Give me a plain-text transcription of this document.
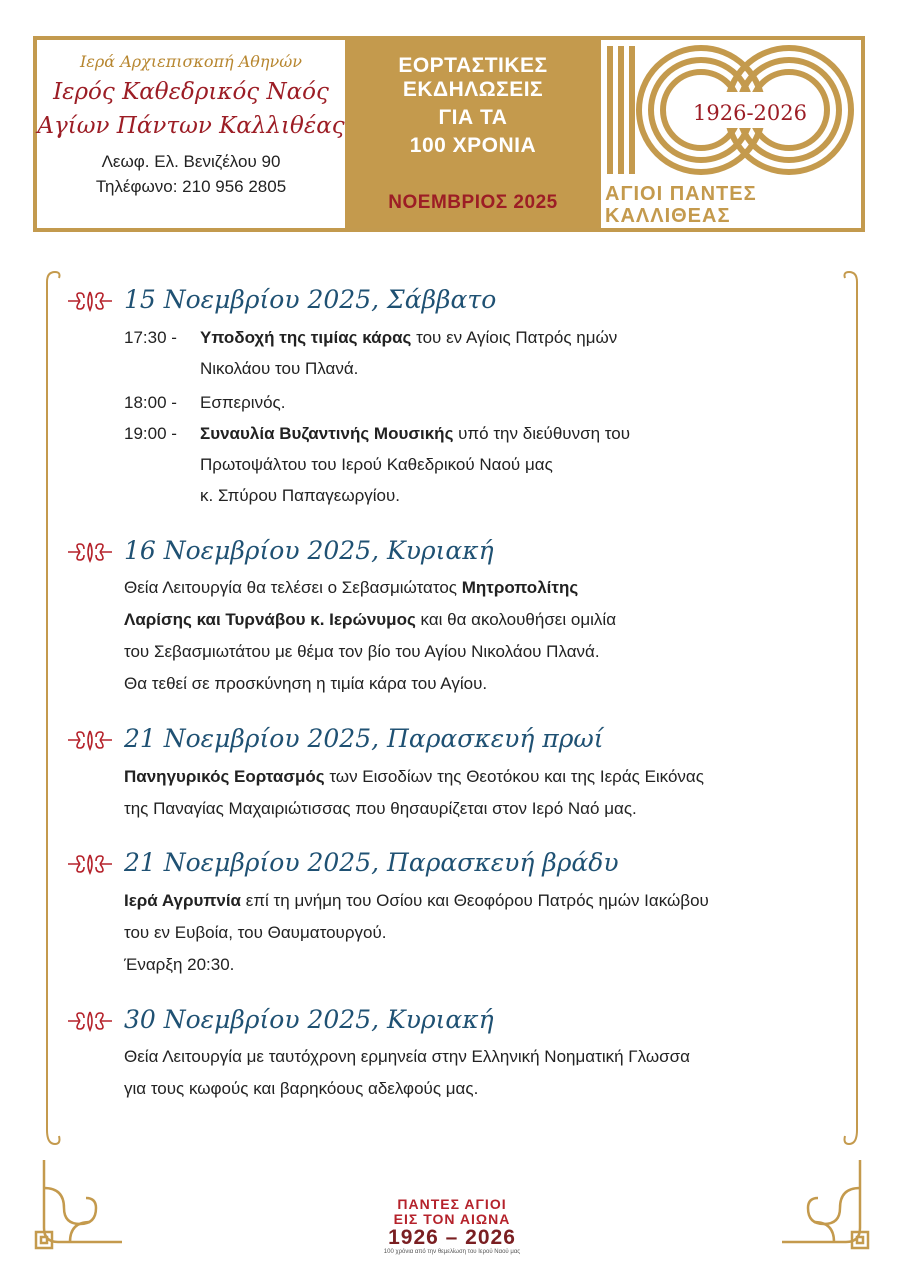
Ιερά Αρχιεπισκοπή Αθηνών
Ιερός Καθεδρικός Ναός
Αγίων Πάντων Καλλιθέας
Λεωφ. Ελ. Βενιζέλου 90
Τηλέφωνο: 210 956 2805
ΕΟΡΤΑΣΤΙΚΕΣ
ΕΚΔΗΛΩΣΕΙΣ
ΓΙΑ ΤΑ
100 ΧΡΟΝΙΑ
ΝΟΕΜΒΡΙΟΣ 2025
1926-2026
ΑΓΙΟΙ ΠΑΝΤΕΣ
ΚΑΛΛΙΘΕΑΣ
15 Νοεμβρίου 2025, Σάββατο
17:30 - Υποδοχή της τιμίας κάρας του εν Αγίοις Πατρός ημών
Νικολάου του Πλανά.
18:00 - Εσπερινός.
19:00 - Συναυλία Βυζαντινής Μουσικής υπό την διεύθυνση του
Πρωτοψάλτου του Ιερού Καθεδρικού Ναού μας
κ. Σπύρου Παπαγεωργίου.
16 Νοεμβρίου 2025, Κυριακή
Θεία Λειτουργία θα τελέσει ο Σεβασμιώτατος Μητροπολίτης
Λαρίσης και Τυρνάβου κ. Ιερώνυμος και θα ακολουθήσει ομιλία
του Σεβασμιωτάτου με θέμα τον βίο του Αγίου Νικολάου Πλανά.
Θα τεθεί σε προσκύνηση η τιμία κάρα του Αγίου.
21 Νοεμβρίου 2025, Παρασκευή πρωί
Πανηγυρικός Εορτασμός των Εισοδίων της Θεοτόκου και της Ιεράς Εικόνας
της Παναγίας Μαχαιριώτισσας που θησαυρίζεται στον Ιερό Ναό μας.
21 Νοεμβρίου 2025, Παρασκευή βράδυ
Ιερά Αγρυπνία επί τη μνήμη του Οσίου και Θεοφόρου Πατρός ημών Ιακώβου
του εν Ευβοία, του Θαυματουργού.
Έναρξη 20:30.
30 Νοεμβρίου 2025, Κυριακή
Θεία Λειτουργία με ταυτόχρονη ερμηνεία στην Ελληνική Νοηματική Γλωσσα
για τους κωφούς και βαρηκόους αδελφούς μας.
ΠΑΝΤΕΣ ΑΓΙΟΙ
ΕΙΣ ΤΟΝ ΑΙΩΝΑ
1926 – 2026
100 χρόνια από την θεμελίωση του Ιερού Ναού μας
